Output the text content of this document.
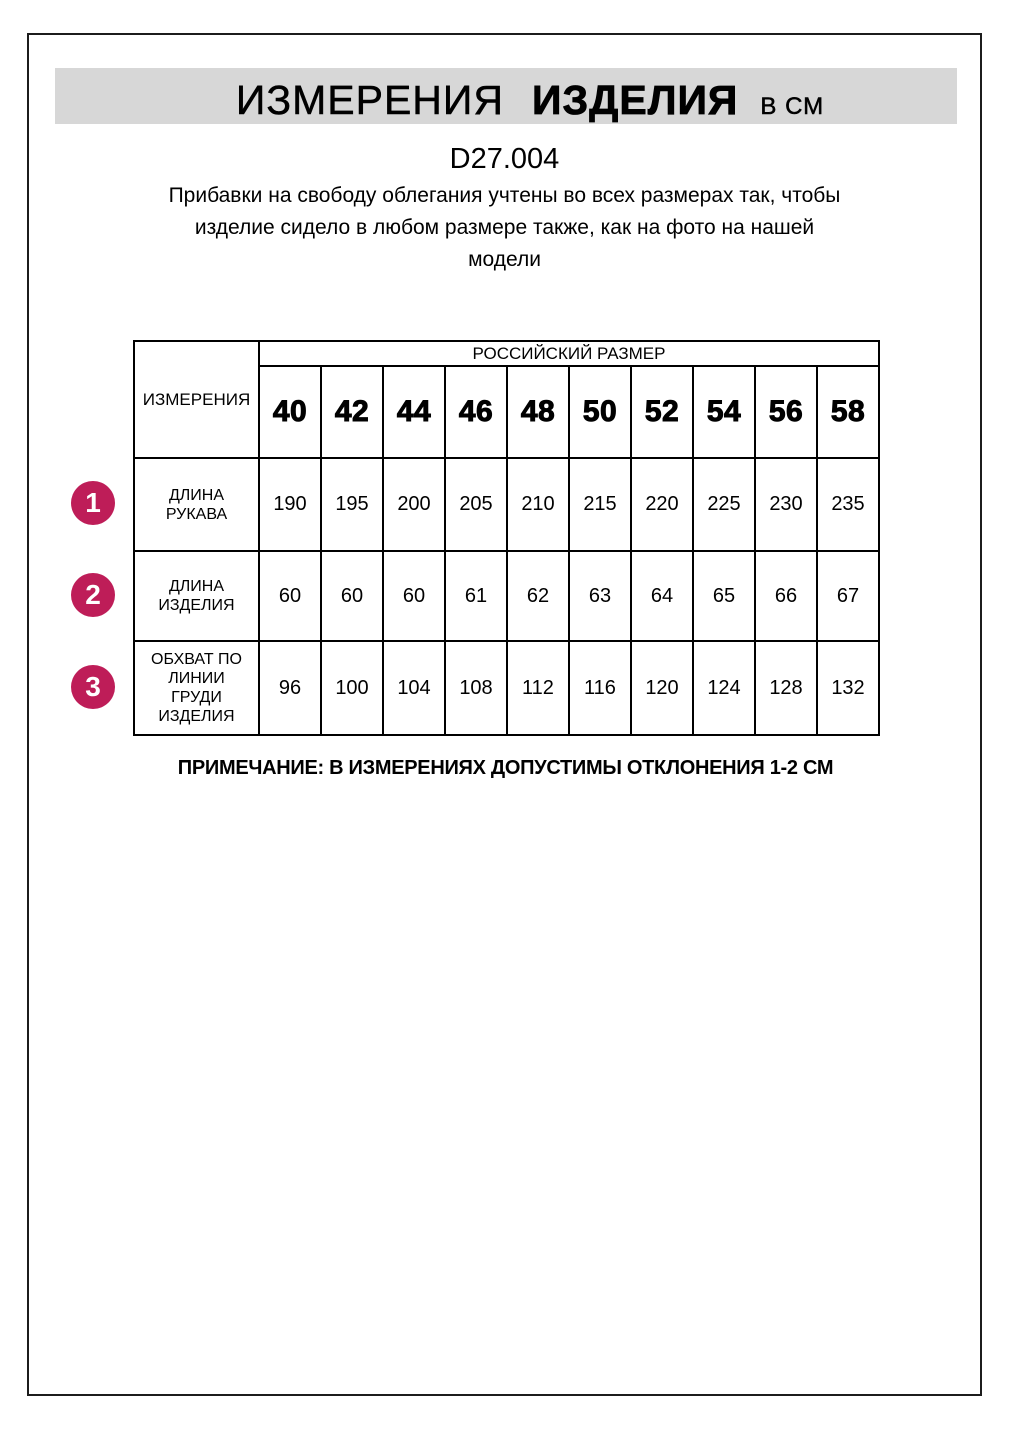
ИЗМЕРЕНИЯ ИЗДЕЛИЯ В СМ
D27.004
Прибавки на свободу облегания учтены во всех размерах так, чтобы
изделие сидело в любом размере также, как на фото на нашей
модели
ИЗМЕРЕНИЯ	РОССИЙСКИЙ РАЗМЕР									
	40	42	44	46	48	50	52	54	56	58
ДЛИНА РУКАВА	190	195	200	205	210	215	220	225	230	235
ДЛИНА ИЗДЕЛИЯ	60	60	60	61	62	63	64	65	66	67
ОБХВАТ ПО ЛИНИИ ГРУДИ ИЗДЕЛИЯ	96	100	104	108	112	116	120	124	128	132
1
2
3
ПРИМЕЧАНИЕ: В ИЗМЕРЕНИЯХ ДОПУСТИМЫ ОТКЛОНЕНИЯ 1-2 СМ
